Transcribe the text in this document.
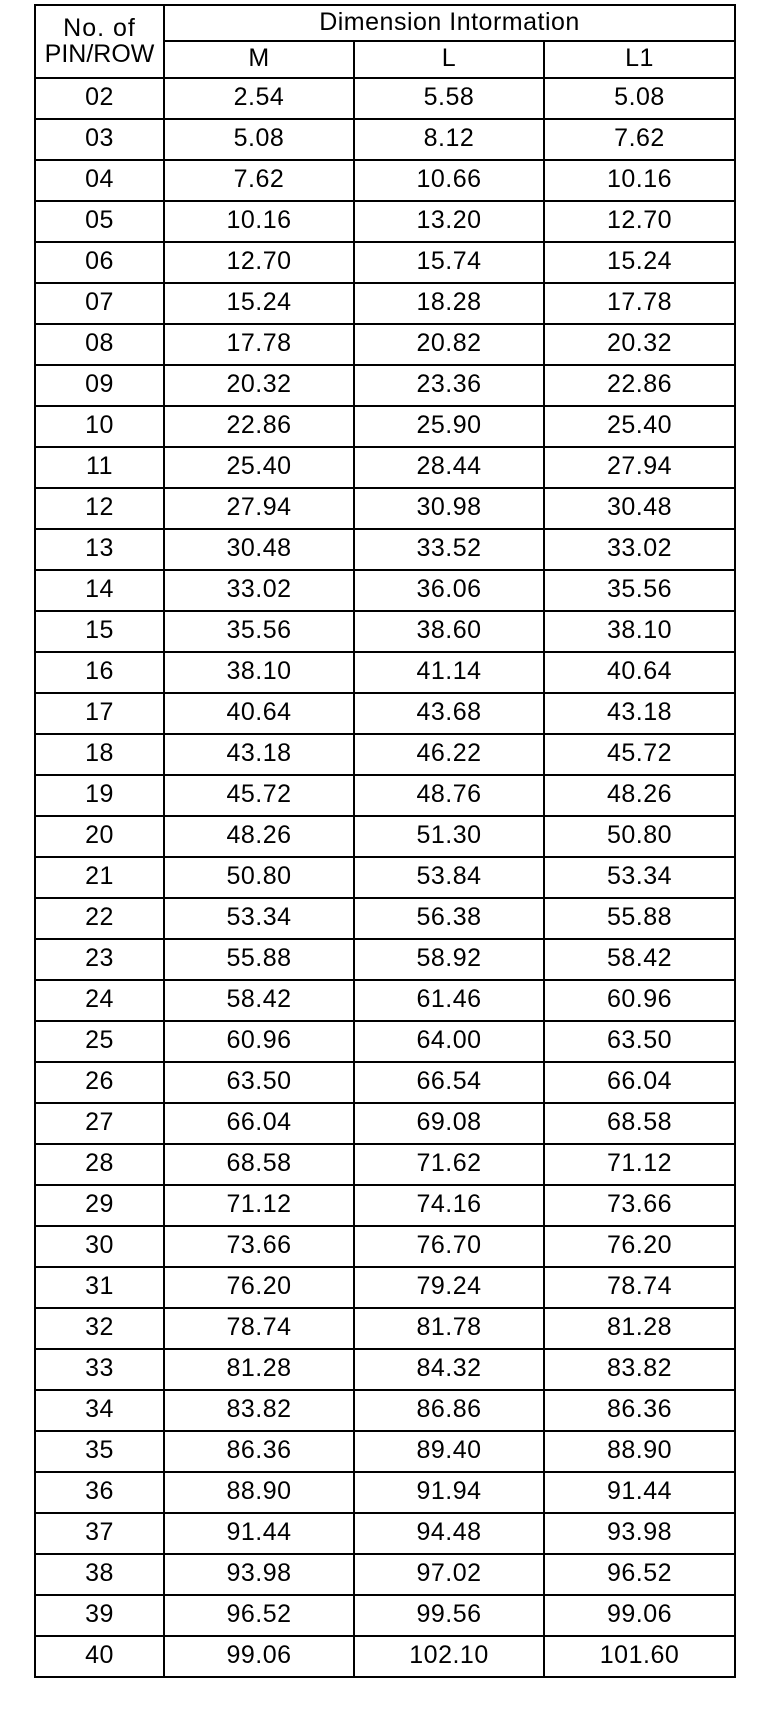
No. of
PIN/ROW	Dimension Intormation		
	M	L	L1
02	2.54	5.58	5.08
03	5.08	8.12	7.62
04	7.62	10.66	10.16
05	10.16	13.20	12.70
06	12.70	15.74	15.24
07	15.24	18.28	17.78
08	17.78	20.82	20.32
09	20.32	23.36	22.86
10	22.86	25.90	25.40
11	25.40	28.44	27.94
12	27.94	30.98	30.48
13	30.48	33.52	33.02
14	33.02	36.06	35.56
15	35.56	38.60	38.10
16	38.10	41.14	40.64
17	40.64	43.68	43.18
18	43.18	46.22	45.72
19	45.72	48.76	48.26
20	48.26	51.30	50.80
21	50.80	53.84	53.34
22	53.34	56.38	55.88
23	55.88	58.92	58.42
24	58.42	61.46	60.96
25	60.96	64.00	63.50
26	63.50	66.54	66.04
27	66.04	69.08	68.58
28	68.58	71.62	71.12
29	71.12	74.16	73.66
30	73.66	76.70	76.20
31	76.20	79.24	78.74
32	78.74	81.78	81.28
33	81.28	84.32	83.82
34	83.82	86.86	86.36
35	86.36	89.40	88.90
36	88.90	91.94	91.44
37	91.44	94.48	93.98
38	93.98	97.02	96.52
39	96.52	99.56	99.06
40	99.06	102.10	101.60
